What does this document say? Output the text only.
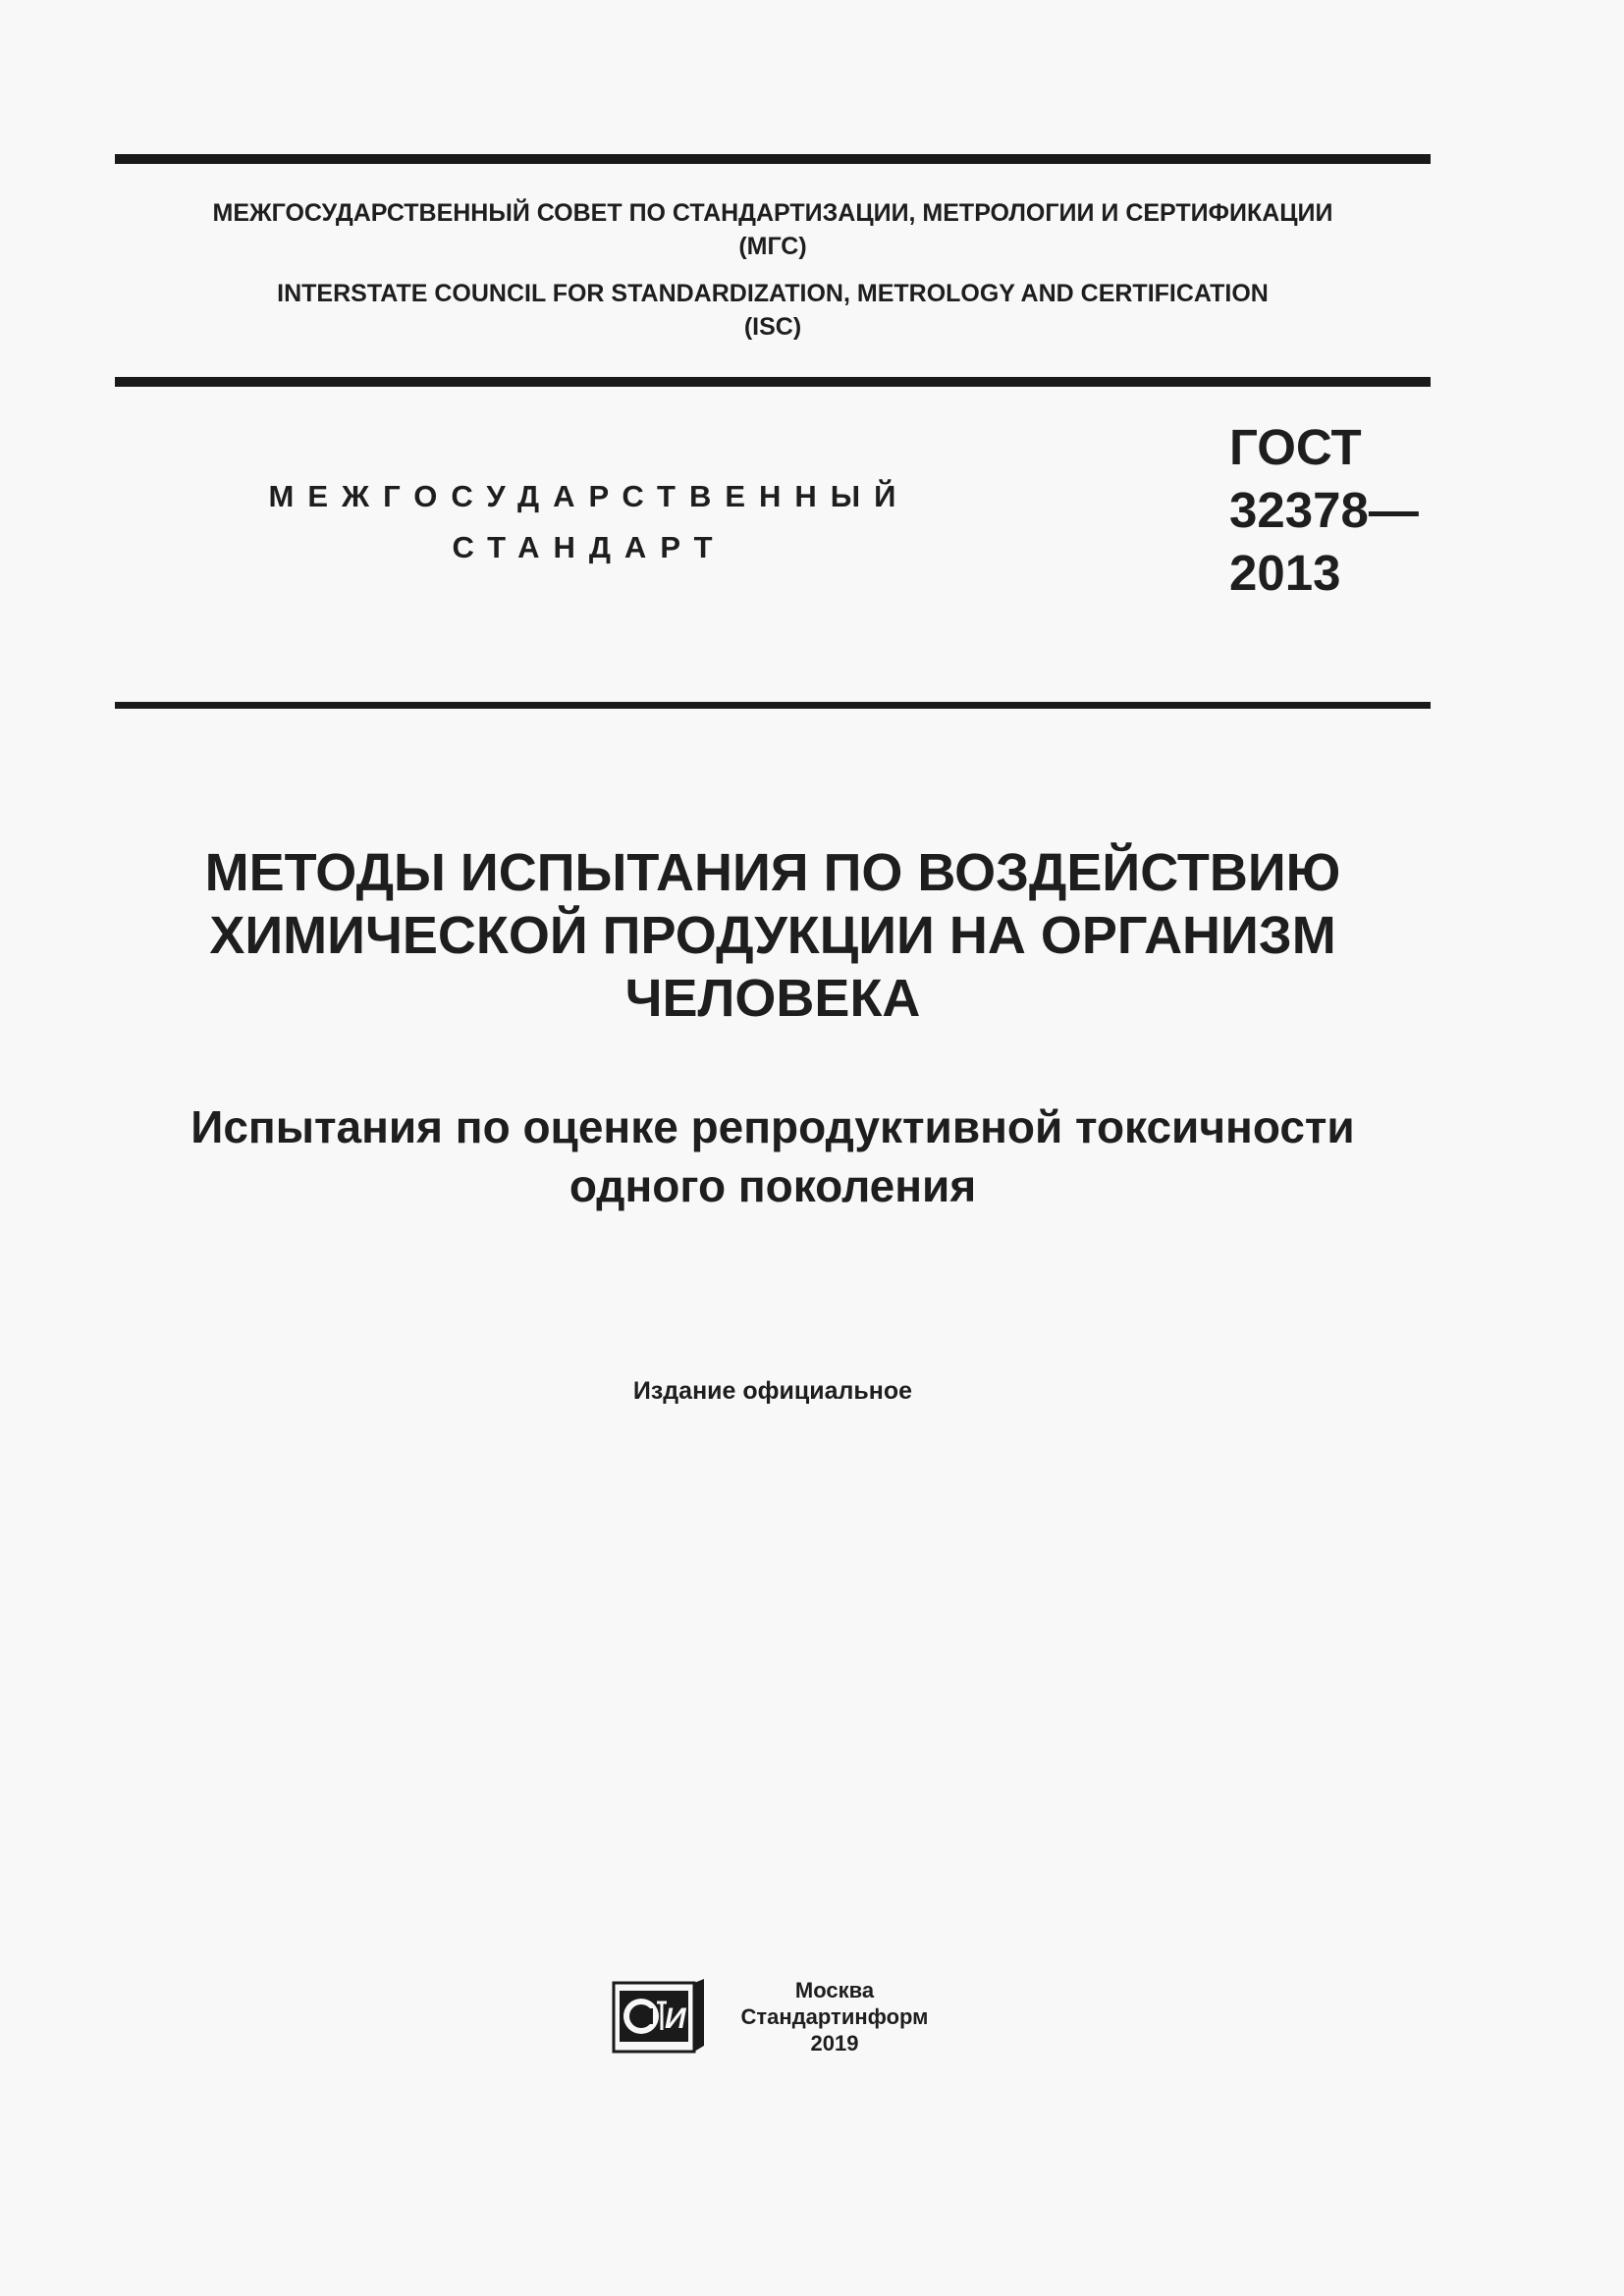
МЕЖГОСУДАРСТВЕННЫЙ СОВЕТ ПО СТАНДАРТИЗАЦИИ, МЕТРОЛОГИИ И СЕРТИФИКАЦИИ
(МГС)
INTERSTATE COUNCIL FOR STANDARDIZATION, METROLOGY AND CERTIFICATION
(ISC)
МЕЖГОСУДАРСТВЕННЫЙ
СТАНДАРТ
ГОСТ
32378—
2013
МЕТОДЫ ИСПЫТАНИЯ ПО ВОЗДЕЙСТВИЮ
ХИМИЧЕСКОЙ ПРОДУКЦИИ НА ОРГАНИЗМ
ЧЕЛОВЕКА
Испытания по оценке репродуктивной токсичности
одного поколения
Издание официальное
И
Москва
Стандартинформ
2019
